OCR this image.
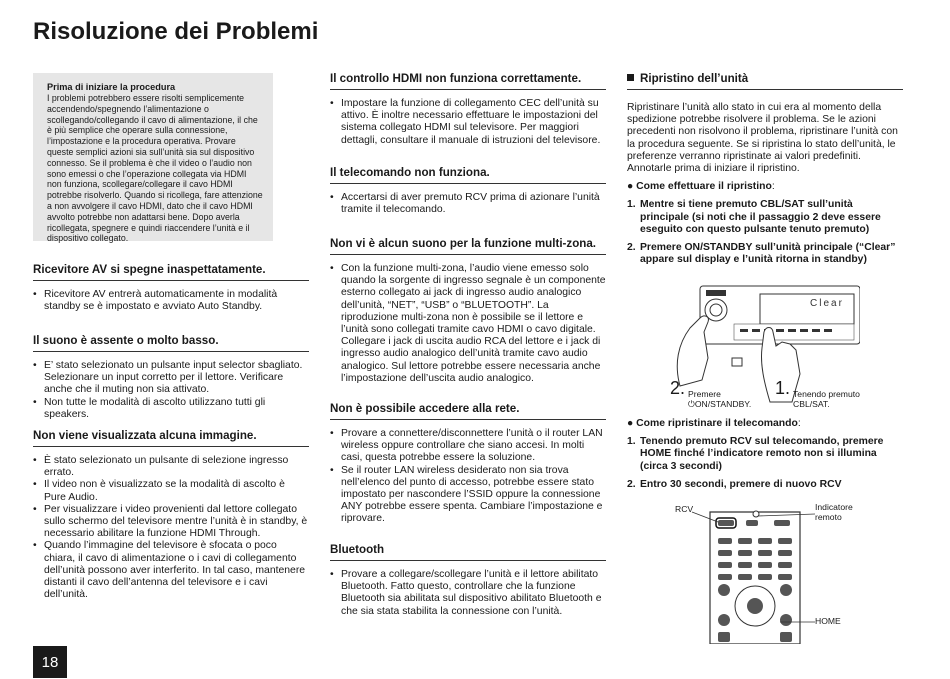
Risoluzione dei Problemi
Prima di iniziare la procedura
I problemi potrebbero essere risolti semplicemente accendendo/spegnendo l’alimentazione o scollegando/collegando il cavo di alimentazione, il che è più semplice che operare sulla connessione, l’impostazione e la procedura operativa. Provare queste semplici azioni sia sull’unità sia sul dispositivo connesso. Se il problema è che il video o l’audio non sono emessi o che l’operazione collegata via HDMI non funziona, scollegare/collegare il cavo HDMI potrebbe risolverlo. Quando si ricollega, fare attenzione a non avvolgere il cavo HDMI, dato che il cavo HDMI avvolto potrebbe non adattarsi bene. Dopo averla ricollegata, spegnere e quindi riaccendere l’unità e il dispositivo collegato.
Ricevitore AV si spegne inaspettatamente.
• Ricevitore AV entrerà automaticamente in modalità standby se è impostato e avviato Auto Standby.
Il suono è assente o molto basso.
• E’ stato selezionato un pulsante input selector sbagliato. Selezionare un input corretto per il lettore. Verificare anche che il muting non sia attivato.
• Non tutte le modalità di ascolto utilizzano tutti gli speakers.
Non viene visualizzata alcuna immagine.
• È stato selezionato un pulsante di selezione ingresso errato.
• Il video non è visualizzato se la modalità di ascolto è Pure Audio.
• Per visualizzare i video provenienti dal lettore collegato sullo schermo del televisore mentre l’unità è in standby, è necessario abilitare la funzione HDMI Through.
• Quando l’immagine del televisore è sfocata o poco chiara, il cavo di alimentazione o i cavi di collegamento dell’unità possono aver interferito. In tal caso, mantenere distanti il cavo dell’antenna del televisore e i cavi dell’unità.
Il controllo HDMI non funziona correttamente.
• Impostare la funzione di collegamento CEC dell’unità su attivo. È inoltre necessario effettuare le impostazioni del sistema collegato HDMI sul televisore. Per maggiori dettagli, consultare il manuale di istruzioni del televisore.
Il telecomando non funziona.
• Accertarsi di aver premuto RCV prima di azionare l’unità tramite il telecomando.
Non vi è alcun suono per la funzione multi-zona.
• Con la funzione multi-zona, l’audio viene emesso solo quando la sorgente di ingresso segnale è un componente esterno collegato ai jack di ingresso audio analogico dell’unità, “NET”, “USB” o “BLUETOOTH”. La riproduzione multi-zona non è possibile se il lettore e l’unità sono collegati tramite cavo HDMI o cavo digitale. Collegare i jack di uscita audio RCA del lettore e i jack di ingresso audio analogico dell’unità tramite cavo audio analogico. Sul lettore potrebbe essere necessaria anche l’impostazione dell’uscita audio analogico.
Non è possibile accedere alla rete.
• Provare a connettere/disconnettere l’unità o il router LAN wireless oppure controllare che siano accesi. In molti casi, questa potrebbe essere la soluzione.
• Se il router LAN wireless desiderato non sia trova nell’elenco del punto di accesso, potrebbe essere stato impostato per nascondere l’SSID oppure la connessione ANY potrebbe essere spenta. Cambiare l’impostazione e riprovare.
Bluetooth
• Provare a collegare/scollegare l’unità e il lettore abilitato Bluetooth. Fatto questo, controllare che la funzione Bluetooth sia abilitata sul dispositivo abilitato Bluetooth e che sia stata stabilita la connessione con l’unità.
Ripristino dell’unità
Ripristinare l’unità allo stato in cui era al momento della spedizione potrebbe risolvere il problema. Se le azioni precedenti non risolvono il problema, ripristinare l’unità con la procedura seguente. Se si ripristina lo stato dell’unità, le preferenze verranno ripristinate ai valori predefiniti. Annotarle prima di iniziare il ripristino.
● Come effettuare il ripristino:
1. Mentre si tiene premuto CBL/SAT sull’unità principale (si noti che il passaggio 2 deve essere eseguito con questo pulsante tenuto premuto)
2. Premere ON/STANDBY sull’unità principale (“Clear” appare sul display e l’unità ritorna in standby)
Clear
2. Premere
⏻ON/STANDBY.
1. Tenendo premuto
CBL/SAT.
● Come ripristinare il telecomando:
1. Tenendo premuto RCV sul telecomando, premere HOME finché l’indicatore remoto non si illumina (circa 3 secondi)
2. Entro 30 secondi, premere di nuovo RCV
RCV	Indicatore
remoto
HOME
18
